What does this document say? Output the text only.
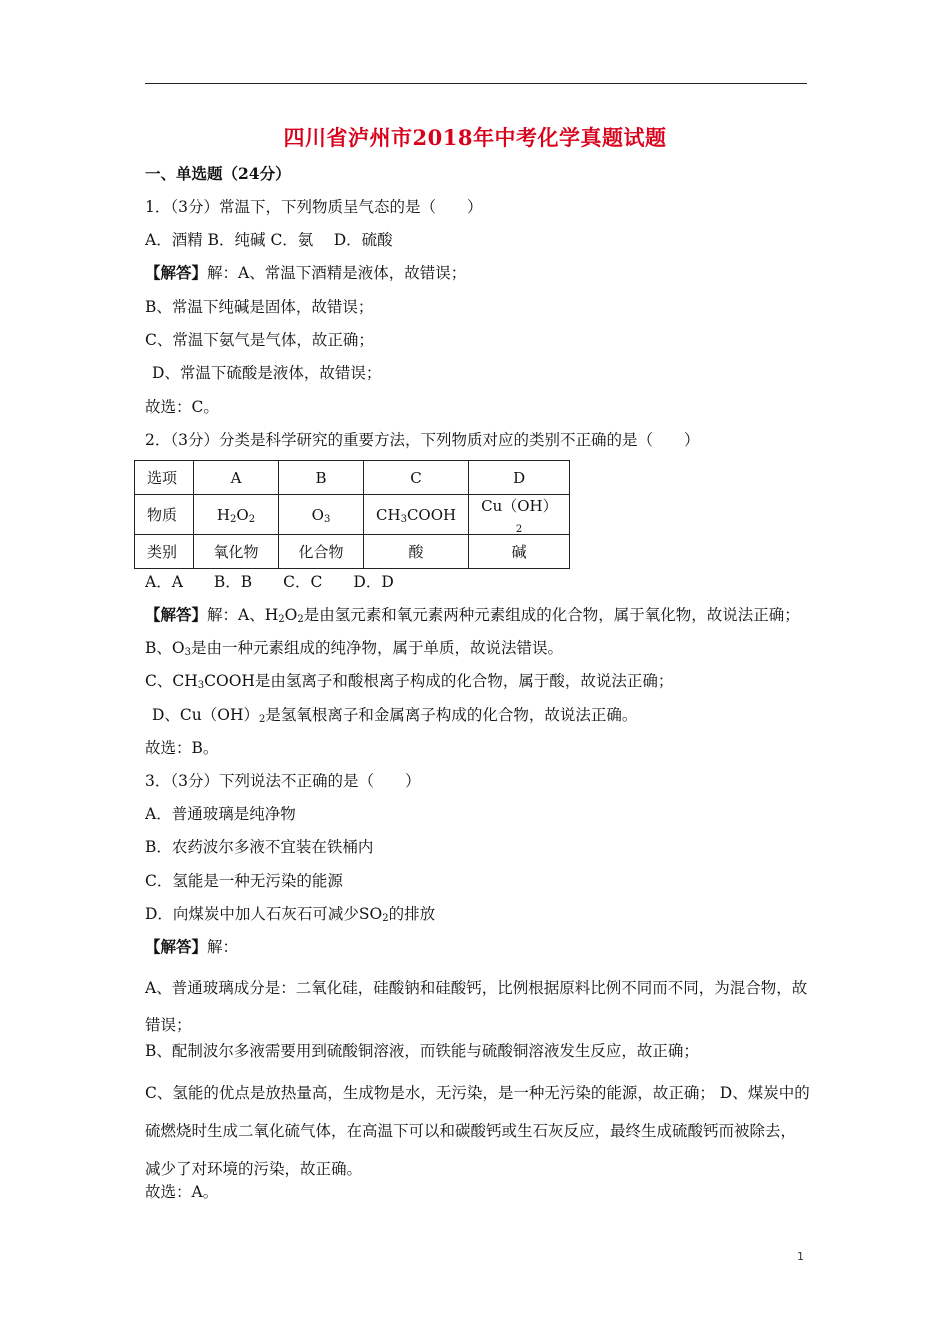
四川省泸州市2018年中考化学真题试题
一、单选题（24分）
1．（3分）常温下，下列物质呈气态的是（　　）
A．酒精 B．纯碱 C．氨　 D．硫酸
【解答】解：A、常温下酒精是液体，故错误；
B、常温下纯碱是固体，故错误；
C、常温下氨气是气体，故正确；
D、常温下硫酸是液体，故错误；
故选：C。
2．（3分）分类是科学研究的重要方法，下列物质对应的类别不正确的是（　　）
选项	A	B	C	D
物质	$H_2O_2$	$O_3$	$CH_3COOH$	$Cu(OH)_2$
类别	氧化物	化合物	酸	碱
A．A　　B．B　　C．C　　D．D
【解答】解：A、$H_2O_2$是由氢元素和氧元素两种元素组成的化合物，属于氧化物，故说法正确；
B、$O_3$是由一种元素组成的纯净物，属于单质，故说法错误。
C、$CH_3COOH$是由氢离子和酸根离子构成的化合物，属于酸，故说法正确；
D、$Cu(OH)_2$是氢氧根离子和金属离子构成的化合物，故说法正确。
故选：B。
3．（3分）下列说法不正确的是（　　）
A．普通玻璃是纯净物
B．农药波尔多液不宜装在铁桶内
C．氢能是一种无污染的能源
D．向煤炭中加人石灰石可减少$SO_2$的排放
【解答】解：
A、普通玻璃成分是：二氧化硅，硅酸钠和硅酸钙，比例根据原料比例不同而不同，为混合物，故错误；
B、配制波尔多液需要用到硫酸铜溶液，而铁能与硫酸铜溶液发生反应，故正确；
C、氢能的优点是放热量高，生成物是水，无污染，是一种无污染的能源，故正确； D、煤炭中的硫燃烧时生成二氧化硫气体，在高温下可以和碳酸钙或生石灰反应，最终生成硫酸钙而被除去，减少了对环境的污染，故正确。
故选：A。
1
